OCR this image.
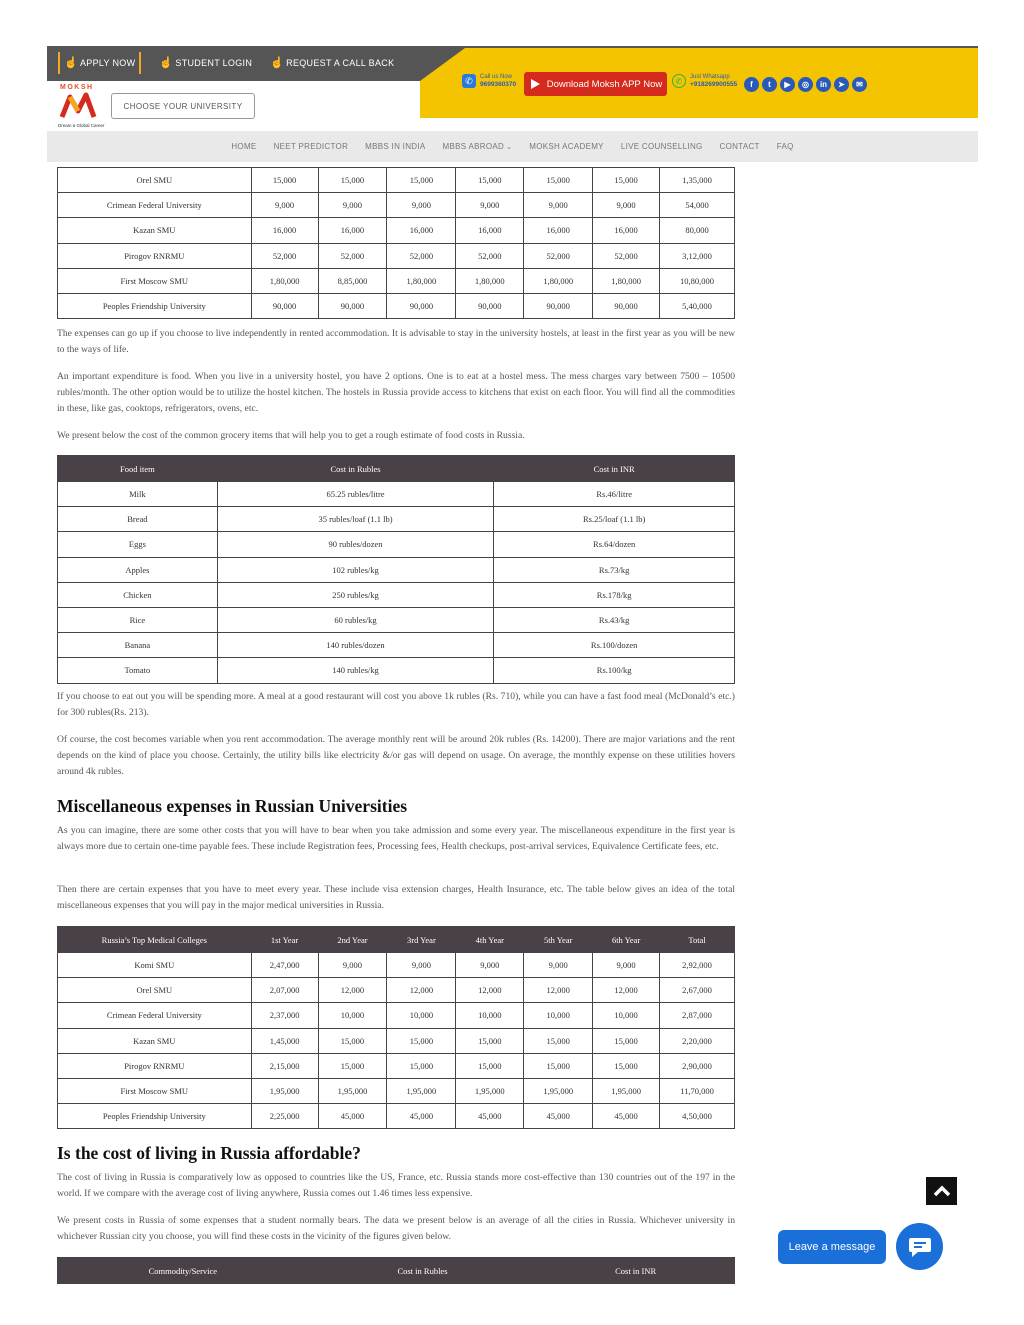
☝ APPLY NOW ☝ STUDENT LOGIN ☝ REQUEST A CALL BACK
MOKSH
Dream a Global Career
CHOOSE YOUR UNIVERSITY
✆	Call us Now
9699360370	Download Moksh APP Now	✆	Just Whatsapp
+918269900555	f	t	▶	◎	in	➤	✉
HOME NEET PREDICTOR MBBS IN INDIA MBBS ABROAD ⌄ MOKSH ACADEMY LIVE COUNSELLING CONTACT FAQ
Orel SMU	15,000	15,000	15,000	15,000	15,000	15,000	1,35,000
Crimean Federal University	9,000	9,000	9,000	9,000	9,000	9,000	54,000
Kazan SMU	16,000	16,000	16,000	16,000	16,000	16,000	80,000
Pirogov RNRMU	52,000	52,000	52,000	52,000	52,000	52,000	3,12,000
First Moscow SMU	1,80,000	8,85,000	1,80,000	1,80,000	1,80,000	1,80,000	10,80,000
Peoples Friendship University	90,000	90,000	90,000	90,000	90,000	90,000	5,40,000

The expenses can go up if you choose to live independently in rented accommodation. It is advisable to stay in the university hostels, at least in the first year as you will be new to the ways of life.

An important expenditure is food. When you live in a university hostel, you have 2 options. One is to eat at a hostel mess. The mess charges vary between 7500 – 10500 rubles/month. The other option would be to utilize the hostel kitchen. The hostels in Russia provide access to kitchens that exist on each floor. You will find all the commodities in these, like gas, cooktops, refrigerators, ovens, etc.

We present below the cost of the common grocery items that will help you to get a rough estimate of food costs in Russia.

Food item	Cost in Rubles	Cost in INR
Milk	65.25 rubles/litre	Rs.46/litre
Bread	35 rubles/loaf (1.1 lb)	Rs.25/loaf (1.1 lb)
Eggs	90 rubles/dozen	Rs.64/dozen
Apples	102 rubles/kg	Rs.73/kg
Chicken	250 rubles/kg	Rs.178/kg
Rice	60 rubles/kg	Rs.43/kg
Banana	140 rubles/dozen	Rs.100/dozen
Tomato	140 rubles/kg	Rs.100/kg

If you choose to eat out you will be spending more. A meal at a good restaurant will cost you above 1k rubles (Rs. 710), while you can have a fast food meal (McDonald’s etc.) for 300 rubles(Rs. 213).

Of course, the cost becomes variable when you rent accommodation. The average monthly rent will be around 20k rubles (Rs. 14200). There are major variations and the rent depends on the kind of place you choose. Certainly, the utility bills like electricity &/or gas will depend on usage. On average, the monthly expense on these utilities hovers around 4k rubles.

Miscellaneous expenses in Russian Universities

As you can imagine, there are some other costs that you will have to bear when you take admission and some every year. The miscellaneous expenditure in the first year is always more due to certain one-time payable fees. These include Registration fees, Processing fees, Health checkups, post-arrival services, Equivalence Certificate fees, etc.

Then there are certain expenses that you have to meet every year. These include visa extension charges, Health Insurance, etc. The table below gives an idea of the total miscellaneous expenses that you will pay in the major medical universities in Russia.

Russia’s Top Medical Colleges	1st Year	2nd Year	3rd Year	4th Year	5th Year	6th Year	Total
Komi SMU	2,47,000	9,000	9,000	9,000	9,000	9,000	2,92,000
Orel SMU	2,07,000	12,000	12,000	12,000	12,000	12,000	2,67,000
Crimean Federal University	2,37,000	10,000	10,000	10,000	10,000	10,000	2,87,000
Kazan SMU	1,45,000	15,000	15,000	15,000	15,000	15,000	2,20,000
Pirogov RNRMU	2,15,000	15,000	15,000	15,000	15,000	15,000	2,90,000
First Moscow SMU	1,95,000	1,95,000	1,95,000	1,95,000	1,95,000	1,95,000	11,70,000
Peoples Friendship University	2,25,000	45,000	45,000	45,000	45,000	45,000	4,50,000
Is the cost of living in Russia affordable?

The cost of living in Russia is comparatively low as opposed to countries like the US, France, etc. Russia stands more cost-effective than 130 countries out of the 197 in the world. If we compare with the average cost of living anywhere, Russia comes out 1.46 times less expensive.

We present costs in Russia of some expenses that a student normally bears. The data we present below is an average of all the cities in Russia. Whichever university in whichever Russian city you choose, you will find these costs in the vicinity of the figures given below.

Commodity/Service	Cost in Rubles	Cost in INR
Leave a message
